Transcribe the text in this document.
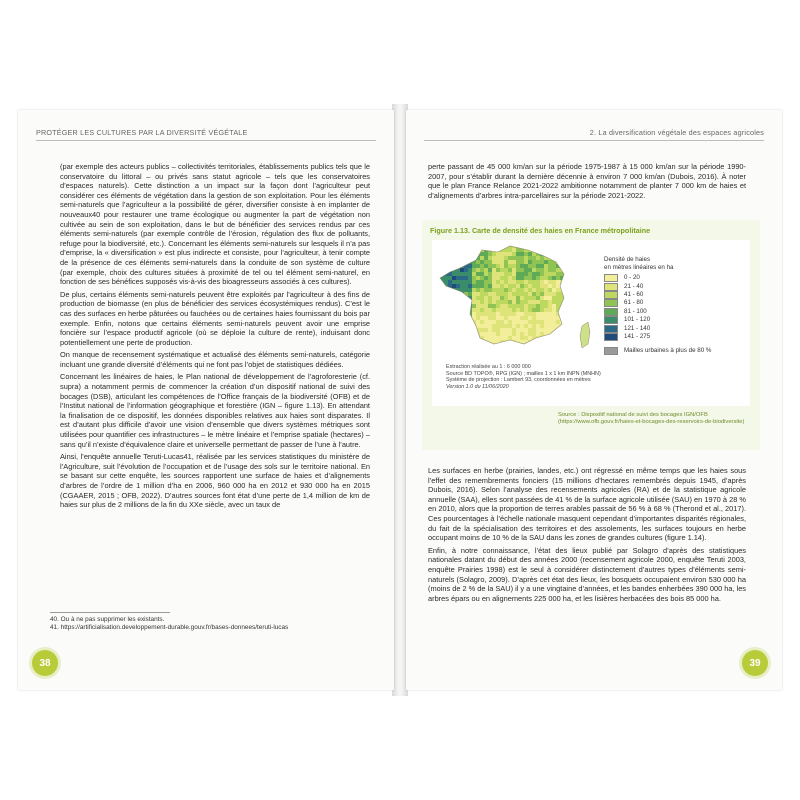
PROTÉGER LES CULTURES PAR LA DIVERSITÉ VÉGÉTALE

(par exemple des acteurs publics – collectivités territoriales, établissements publics tels que le conservatoire du littoral – ou privés sans statut agricole – tels que les conservatoires d’espaces naturels). Cette distinction a un impact sur la façon dont l’agriculteur peut considérer ces éléments de végétation dans la gestion de son exploitation. Pour les éléments semi-naturels que l’agriculteur a la possibilité de gérer, diversifier consiste à en implanter de nouveaux40 pour restaurer une trame écologique ou augmenter la part de végétation non cultivée au sein de son exploitation, dans le but de bénéficier des services rendus par ces éléments semi-naturels (par exemple contrôle de l’érosion, régulation des flux de polluants, refuge pour la biodiversité, etc.). Concernant les éléments semi-naturels sur lesquels il n’a pas d’emprise, la « diversification » est plus indirecte et consiste, pour l’agriculteur, à tenir compte de la présence de ces éléments semi-naturels dans la conduite de son système de culture (par exemple, choix des cultures situées à proximité de tel ou tel élément semi-naturel, en fonction de ses bénéfices supposés vis-à-vis des bioagresseurs associés à ces cultures).

De plus, certains éléments semi-naturels peuvent être exploités par l’agriculteur à des fins de production de biomasse (en plus de bénéficier des services écosystémiques rendus). C’est le cas des surfaces en herbe pâturées ou fauchées ou de certaines haies fournissant du bois par exemple. Enfin, notons que certains éléments semi-naturels peuvent avoir une emprise foncière sur l’espace productif agricole (où se déploie la culture de rente), induisant donc potentiellement une perte de production.

On manque de recensement systématique et actualisé des éléments semi-naturels, catégorie incluant une grande diversité d’éléments qui ne font pas l’objet de statistiques dédiées.

Concernant les linéaires de haies, le Plan national de développement de l’agroforesterie (cf. supra) a notamment permis de commencer la création d’un dispositif national de suivi des bocages (DSB), articulant les compétences de l’Office français de la biodiversité (OFB) et de l’Institut national de l’information géographique et forestière (IGN – figure 1.13). En attendant la finalisation de ce dispositif, les données disponibles relatives aux haies sont disparates. Il est d’autant plus difficile d’avoir une vision d’ensemble que divers systèmes métriques sont utilisées pour quantifier ces infrastructures – le mètre linéaire et l’emprise spatiale (hectares) – sans qu’il n’existe d’équivalence claire et universelle permettant de passer de l’une à l’autre.

Ainsi, l’enquête annuelle Teruti-Lucas41, réalisée par les services statistiques du ministère de l’Agriculture, suit l’évolution de l’occupation et de l’usage des sols sur le territoire national. En se basant sur cette enquête, les sources rapportent une surface de haies et d’alignements d’arbres de l’ordre de 1 million d’ha en 2006, 960 000 ha en 2012 et 930 000 ha en 2015 (CGAAER, 2015 ; OFB, 2022). D’autres sources font état d’une perte de 1,4 million de km de haies sur plus de 2 millions de la fin du XXe siècle, avec un taux de

40. Ou à ne pas supprimer les existants.
41. https://artificialisation.developpement-durable.gouv.fr/bases-donnees/teruti-lucas
38
2. La diversification végétale des espaces agricoles

perte passant de 45 000 km/an sur la période 1975-1987 à 15 000 km/an sur la période 1990-2007, pour s’établir durant la dernière décennie à environ 7 000 km/an (Dubois, 2016). À noter que le plan France Relance 2021-2022 ambitionne notamment de planter 7 000 km de haies et d’alignements d’arbres intra-parcellaires sur la période 2021-2022.

Figure 1.13. Carte de densité des haies en France métropolitaine
Densité de haies
en mètres linéaires en ha
0 - 20
21 - 40
41 - 60
61 - 80
81 - 100
101 - 120
121 - 140
141 - 275
Mailles urbaines à plus de 80 %
Extraction réalisée au 1 : 6 000 000
Source BD TOPO®, RPG (IGN) ; mailles 1 x 1 km INPN (MNHN)
Système de projection : Lambert 93, coordonnées en mètres
Version 1.0 du 11/06/2020
Source : Dispositif national de suivi des bocages IGN/OFB (https://www.ofb.gouv.fr/haies-et-bocages-des-reservoirs-de-biodiversite)

Les surfaces en herbe (prairies, landes, etc.) ont régressé en même temps que les haies sous l’effet des remembrements fonciers (15 millions d’hectares remembrés depuis 1945, d’après Dubois, 2016). Selon l’analyse des recensements agricoles (RA) et de la statistique agricole annuelle (SAA), elles sont passées de 41 % de la surface agricole utilisée (SAU) en 1970 à 28 % en 2010, alors que la proportion de terres arables passait de 56 % à 68 % (Therond et al., 2017). Ces pourcentages à l’échelle nationale masquent cependant d’importantes disparités régionales, du fait de la spécialisation des territoires et des assolements, les surfaces toujours en herbe occupant moins de 10 % de la SAU dans les zones de grandes cultures (figure 1.14).

Enfin, à notre connaissance, l’état des lieux publié par Solagro d’après des statistiques nationales datant du début des années 2000 (recensement agricole 2000, enquête Teruti 2003, enquête Prairies 1998) est le seul à considérer distinctement d’autres types d’éléments semi-naturels (Solagro, 2009). D’après cet état des lieux, les bosquets occupaient environ 530 000 ha (moins de 2 % de la SAU) il y a une vingtaine d’années, et les bandes enherbées 390 000 ha, les arbres épars ou en alignements 225 000 ha, et les lisières herbacées des bois 85 000 ha.

39
